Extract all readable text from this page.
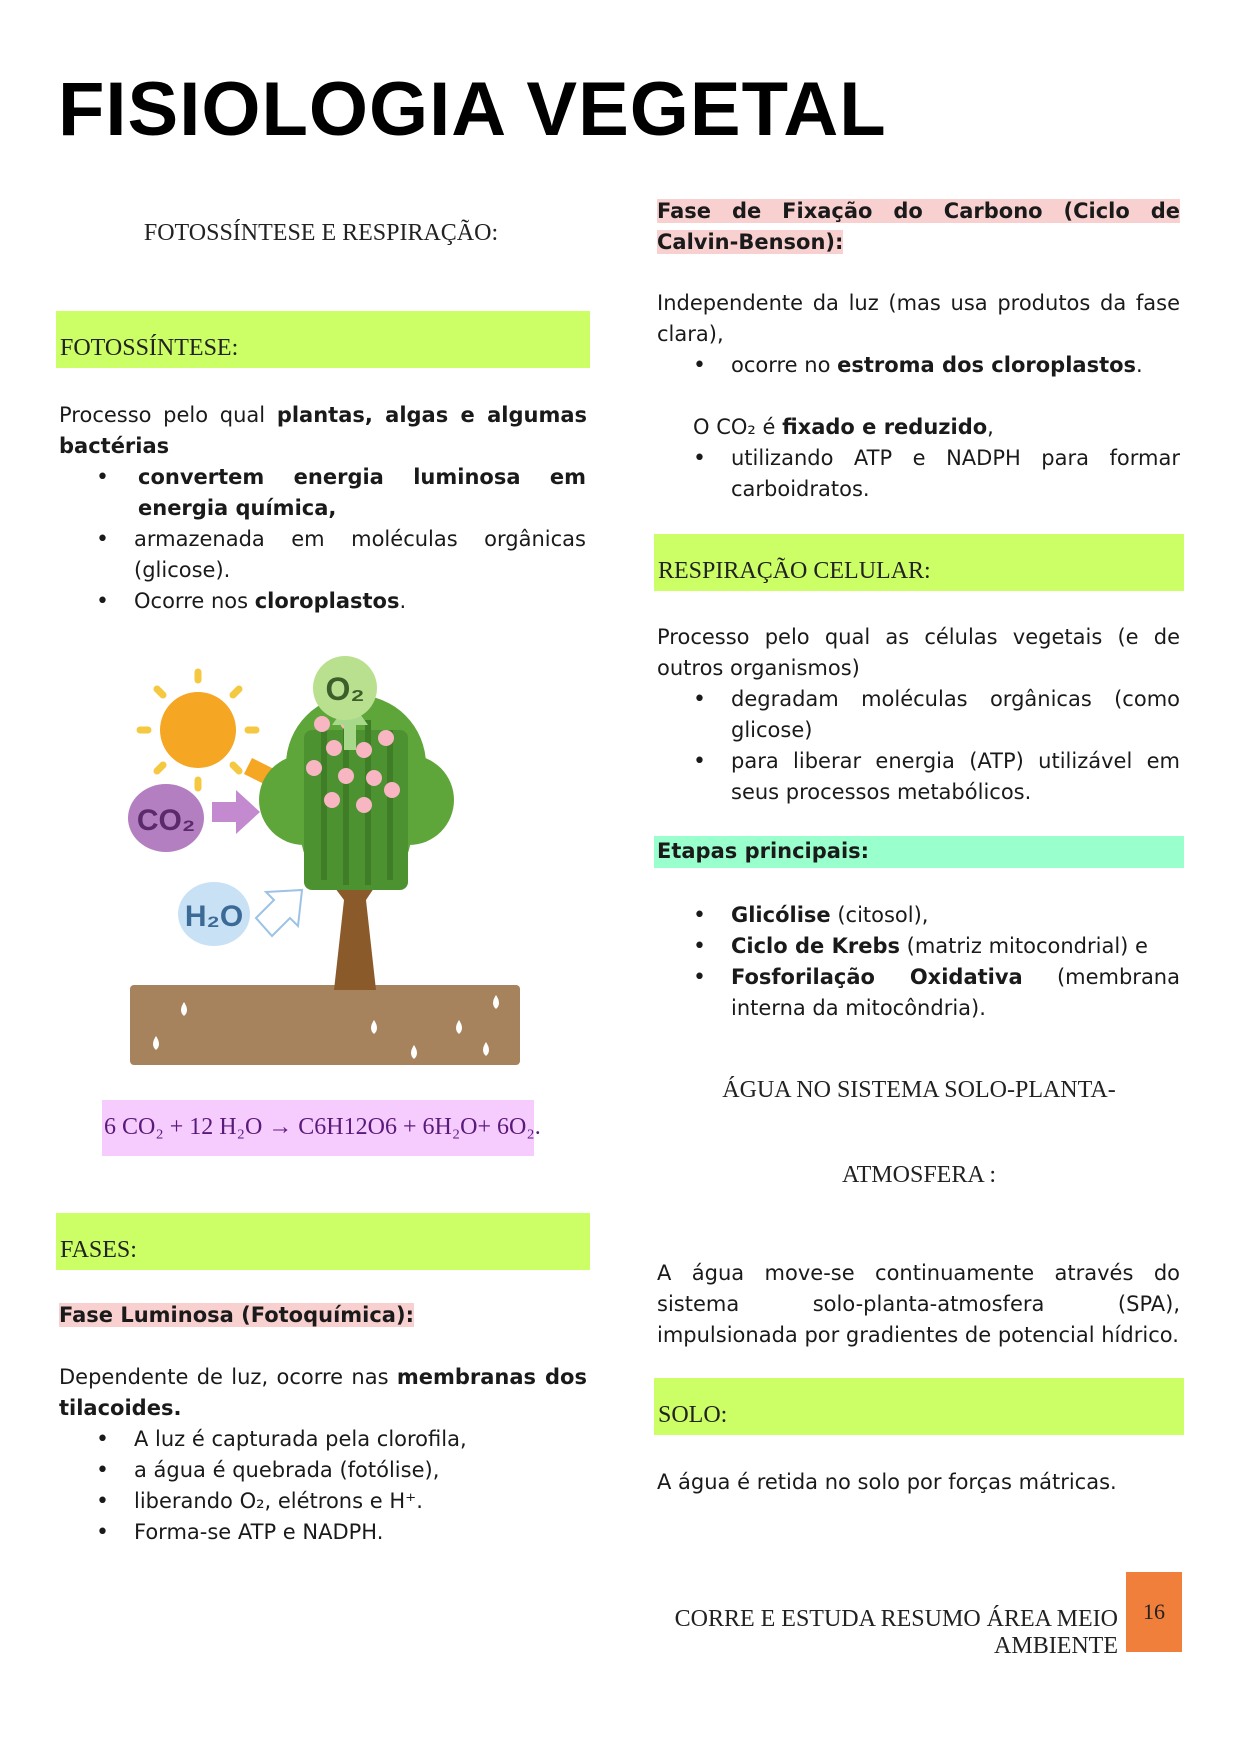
FISIOLOGIA VEGETAL
FOTOSSÍNTESE E RESPIRAÇÃO:
FOTOSSÍNTESE:
Processo pelo qual plantas, algas e algumas bactérias
• convertem energia luminosa em energia química,
• armazenada em moléculas orgânicas (glicose).
• Ocorre nos cloroplastos.
O₂
CO₂
H₂O
6 CO₂ + 12 H₂O → C6H12O6 + 6H₂O+ 6O₂.
FASES:
Fase Luminosa (Fotoquímica):
Dependente de luz, ocorre nas membranas dos tilacoides.
• A luz é capturada pela clorofila,
• a água é quebrada (fotólise),
• liberando O₂, elétrons e H⁺.
• Forma-se ATP e NADPH.
Fase de Fixação do Carbono (Ciclo de Calvin-Benson):
Independente da luz (mas usa produtos da fase clara),
• ocorre no estroma dos cloroplastos.
O CO₂ é fixado e reduzido,
• utilizando ATP e NADPH para formar carboidratos.
RESPIRAÇÃO CELULAR:
Processo pelo qual as células vegetais (e de outros organismos)
• degradam moléculas orgânicas (como glicose)
• para liberar energia (ATP) utilizável em seus processos metabólicos.
Etapas principais:
• Glicólise (citosol),
• Ciclo de Krebs (matriz mitocondrial) e
• Fosforilação Oxidativa (membrana interna da mitocôndria).
ÁGUA NO SISTEMA SOLO-PLANTA-
ATMOSFERA :
A água move-se continuamente através do sistema solo-planta-atmosfera (SPA), impulsionada por gradientes de potencial hídrico.
SOLO:
A água é retida no solo por forças mátricas.
CORRE E ESTUDA RESUMO ÁREA MEIO AMBIENTE
16
